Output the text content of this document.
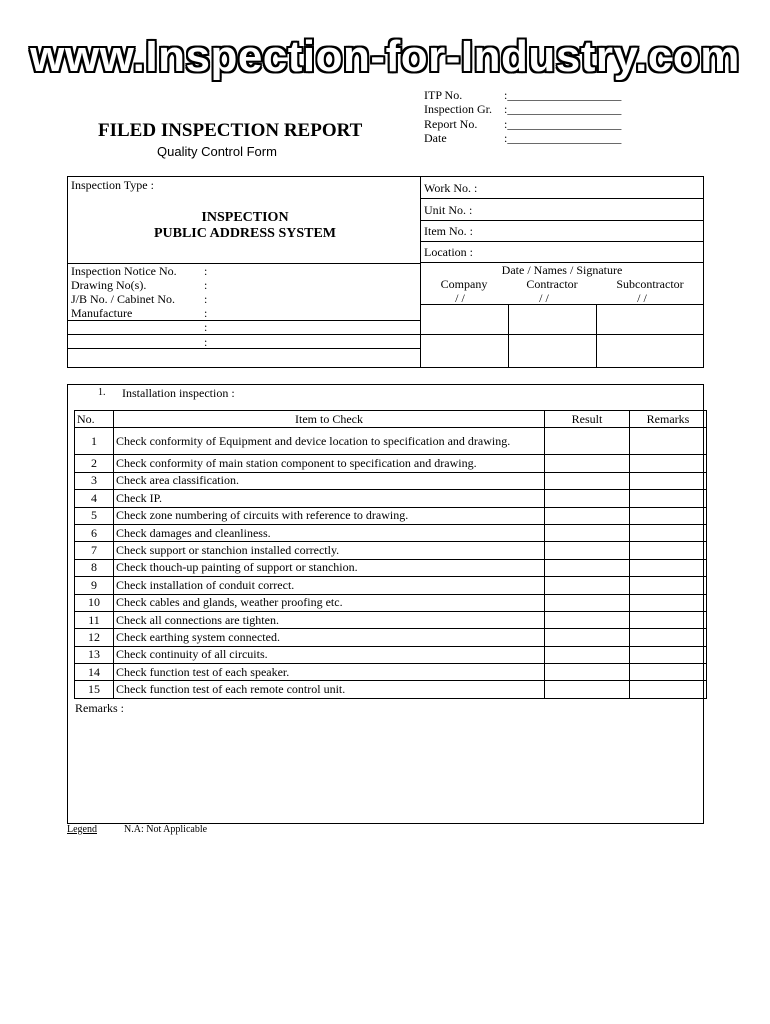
www.Inspection-for-Industry.com
ITP No.	:___________________
Inspection Gr.	:___________________
Report No.	:___________________
Date	:___________________
FILED INSPECTION REPORT
Quality Control Form
Inspection Type :
INSPECTION
PUBLIC ADDRESS SYSTEM
Work No. :
Unit No. :
Item No. :
Location :
Inspection Notice No. :
Drawing No(s).	:
J/B No. / Cabinet No. :
Manufacture	:
:
:
Date / Names / Signature
Company	Contractor	Subcontractor
/ /	/ /	/ /
1. Installation inspection :
No.	Item to Check	Result	Remarks
1	Check conformity of Equipment and device location to specification and drawing.		
2	Check conformity of main station component to specification and drawing.		
3	Check area classification.		
4	Check IP.		
5	Check zone numbering of circuits with reference to drawing.		
6	Check damages and cleanliness.		
7	Check support or stanchion installed correctly.		
8	Check thouch-up painting of support or stanchion.		
9	Check installation of conduit correct.		
10	Check cables and glands, weather proofing etc.		
11	Check all connections are tighten.		
12	Check earthing system connected.		
13	Check continuity of all circuits.		
14	Check function test of each speaker.		
15	Check function test of each remote control unit.		
Remarks :
Legend	N.A: Not Applicable
